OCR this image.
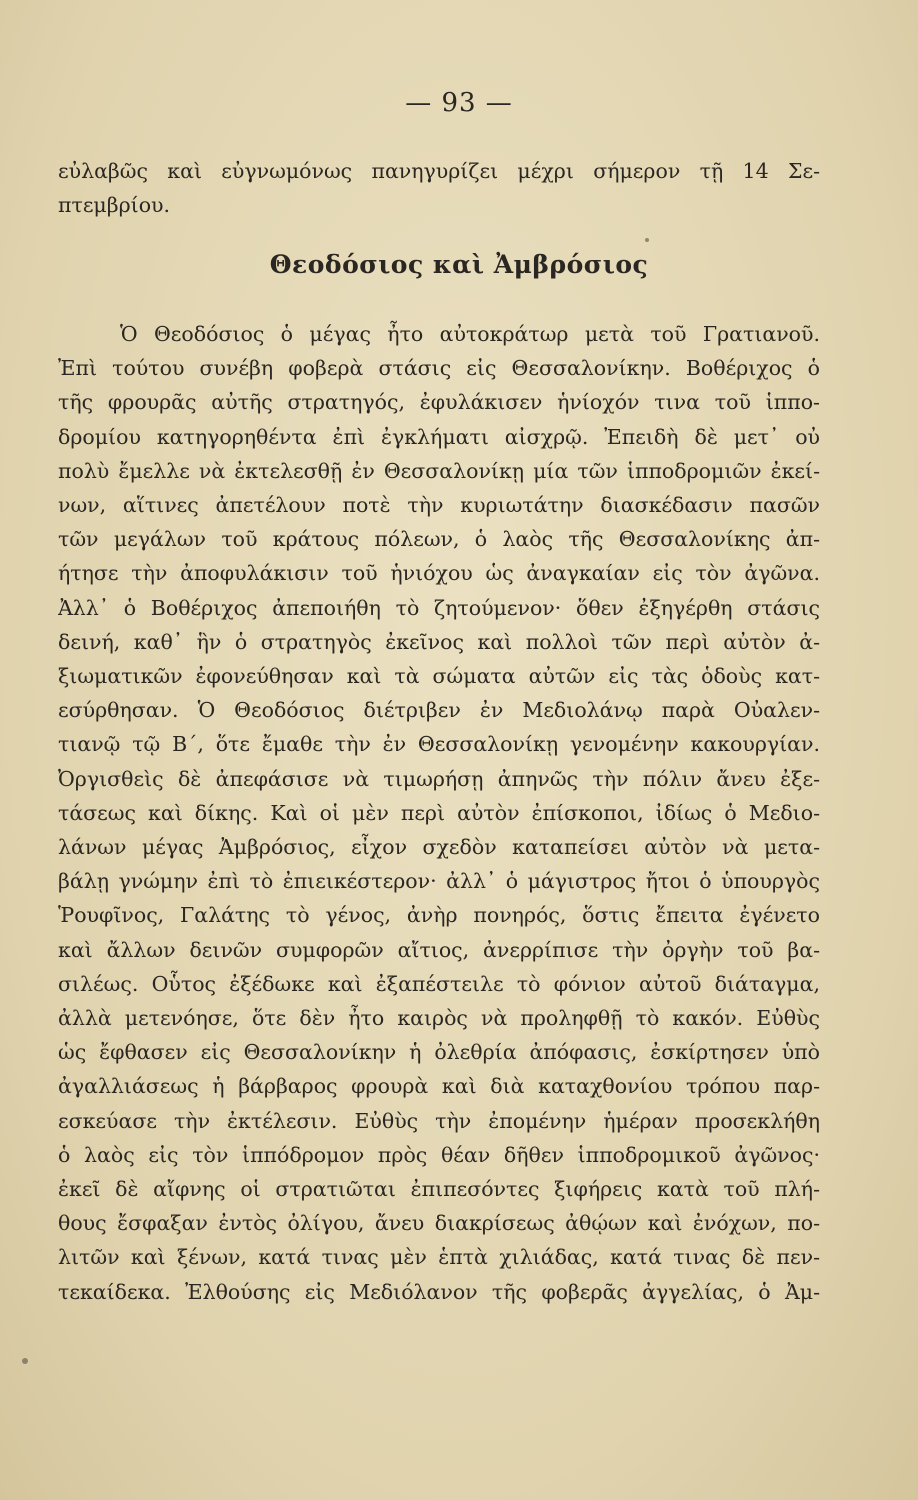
— 93 —
εὐλαβῶς καὶ εὐγνωμόνως πανηγυρίζει μέχρι σήμερον τῇ 14 Σε-
πτεμβρίου.
Θεοδόσιος καὶ Ἀμβρόσιος
Ὁ Θεοδόσιος ὁ μέγας ἦτο αὐτοκράτωρ μετὰ τοῦ Γρατιανοῦ.
Ἐπὶ τούτου συνέβη φοβερὰ στάσις εἰς Θεσσαλονίκην. Βοθέριχος ὁ
τῆς φρουρᾶς αὐτῆς στρατηγός, ἐφυλάκισεν ἡνίοχόν τινα τοῦ ἱππο-
δρομίου κατηγορηθέντα ἐπὶ ἐγκλήματι αἰσχρῷ. Ἐπειδὴ δὲ μετ᾽ οὐ
πολὺ ἔμελλε νὰ ἐκτελεσθῇ ἐν Θεσσαλονίκῃ μία τῶν ἱπποδρομιῶν ἐκεί-
νων, αἵτινες ἀπετέλουν ποτὲ τὴν κυριωτάτην διασκέδασιν πασῶν
τῶν μεγάλων τοῦ κράτους πόλεων, ὁ λαὸς τῆς Θεσσαλονίκης ἀπ-
ήτησε τὴν ἀποφυλάκισιν τοῦ ἡνιόχου ὡς ἀναγκαίαν εἰς τὸν ἀγῶνα.
Ἀλλ᾽ ὁ Βοθέριχος ἀπεποιήθη τὸ ζητούμενον· ὅθεν ἐξηγέρθη στάσις
δεινή, καθ᾽ ἣν ὁ στρατηγὸς ἐκεῖνος καὶ πολλοὶ τῶν περὶ αὐτὸν ἀ-
ξιωματικῶν ἐφονεύθησαν καὶ τὰ σώματα αὐτῶν εἰς τὰς ὁδοὺς κατ-
εσύρθησαν. Ὁ Θεοδόσιος διέτριβεν ἐν Μεδιολάνῳ παρὰ Οὐαλεν-
τιανῷ τῷ Β΄, ὅτε ἔμαθε τὴν ἐν Θεσσαλονίκῃ γενομένην κακουργίαν.
Ὀργισθεὶς δὲ ἀπεφάσισε νὰ τιμωρήσῃ ἀπηνῶς τὴν πόλιν ἄνευ ἐξε-
τάσεως καὶ δίκης. Καὶ οἱ μὲν περὶ αὐτὸν ἐπίσκοποι, ἰδίως ὁ Μεδιο-
λάνων μέγας Ἀμβρόσιος, εἶχον σχεδὸν καταπείσει αὐτὸν νὰ μετα-
βάλῃ γνώμην ἐπὶ τὸ ἐπιεικέστερον· ἀλλ᾽ ὁ μάγιστρος ἤτοι ὁ ὑπουργὸς
Ῥουφῖνος, Γαλάτης τὸ γένος, ἀνὴρ πονηρός, ὅστις ἔπειτα ἐγένετο
καὶ ἄλλων δεινῶν συμφορῶν αἴτιος, ἀνερρίπισε τὴν ὀργὴν τοῦ βα-
σιλέως. Οὗτος ἐξέδωκε καὶ ἐξαπέστειλε τὸ φόνιον αὐτοῦ διάταγμα,
ἀλλὰ μετενόησε, ὅτε δὲν ἦτο καιρὸς νὰ προληφθῇ τὸ κακόν. Εὐθὺς
ὡς ἔφθασεν εἰς Θεσσαλονίκην ἡ ὀλεθρία ἀπόφασις, ἐσκίρτησεν ὑπὸ
ἀγαλλιάσεως ἡ βάρβαρος φρουρὰ καὶ διὰ καταχθονίου τρόπου παρ-
εσκεύασε τὴν ἐκτέλεσιν. Εὐθὺς τὴν ἐπομένην ἡμέραν προσεκλήθη
ὁ λαὸς εἰς τὸν ἱππόδρομον πρὸς θέαν δῆθεν ἱπποδρομικοῦ ἀγῶνος·
ἐκεῖ δὲ αἴφνης οἱ στρατιῶται ἐπιπεσόντες ξιφήρεις κατὰ τοῦ πλή-
θους ἔσφαξαν ἐντὸς ὀλίγου, ἄνευ διακρίσεως ἀθῴων καὶ ἐνόχων, πο-
λιτῶν καὶ ξένων, κατά τινας μὲν ἑπτὰ χιλιάδας, κατά τινας δὲ πεν-
τεκαίδεκα. Ἐλθούσης εἰς Μεδιόλανον τῆς φοβερᾶς ἀγγελίας, ὁ Ἀμ-
